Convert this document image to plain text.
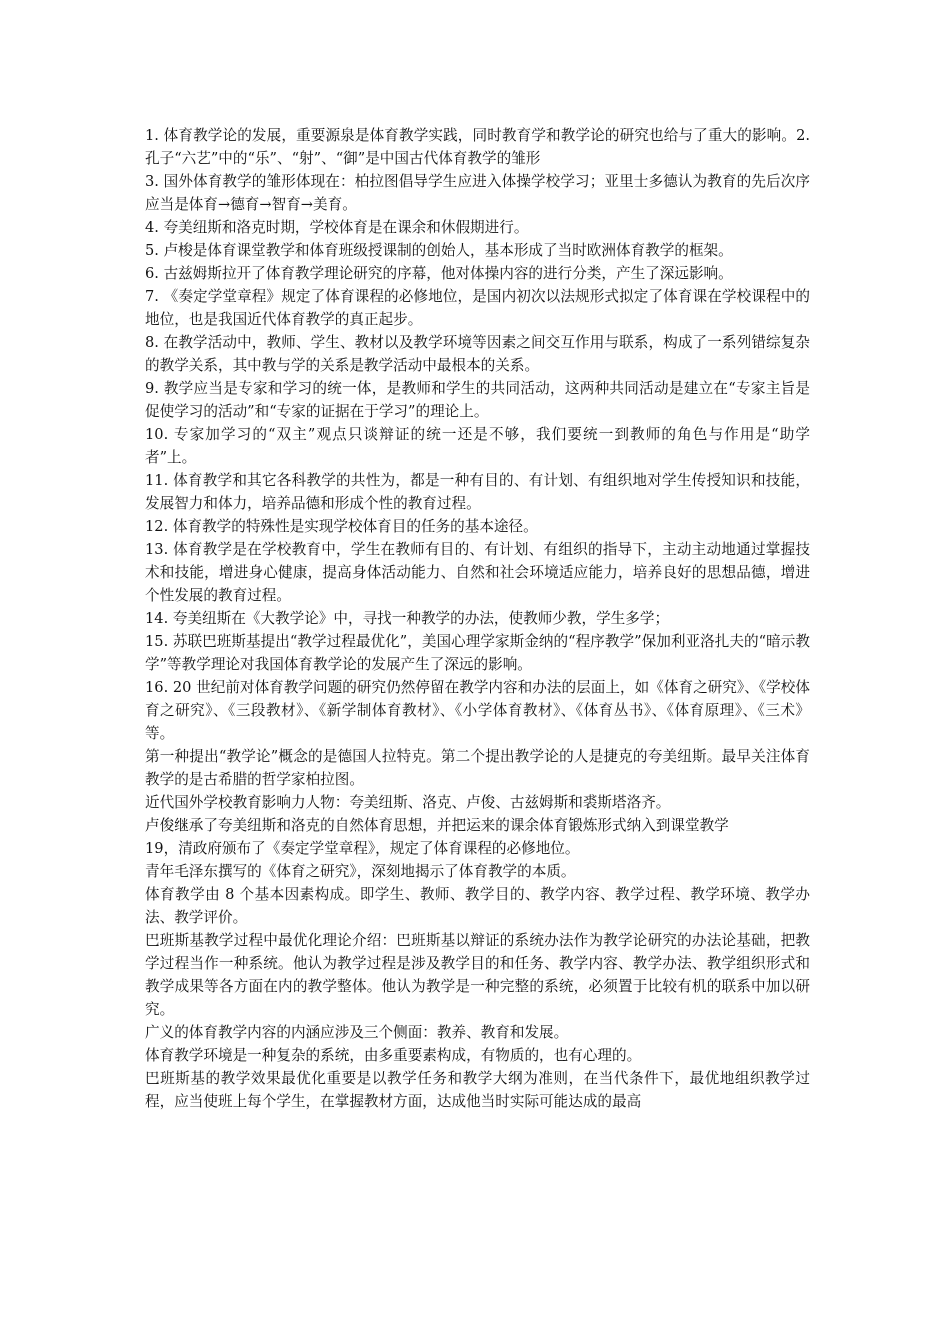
1. 体育教学论的发展，重要源泉是体育教学实践，同时教育学和教学论的研究也给与了重大的影响。2. 孔子“六艺”中的“乐”、“射”、“御”是中国古代体育教学的雏形

3. 国外体育教学的雏形体现在：柏拉图倡导学生应进入体操学校学习；亚里士多德认为教育的先后次序应当是体育→德育→智育→美育。

4. 夸美纽斯和洛克时期，学校体育是在课余和休假期进行。

5. 卢梭是体育课堂教学和体育班级授课制的创始人，基本形成了当时欧洲体育教学的框架。

6. 古兹姆斯拉开了体育教学理论研究的序幕，他对体操内容的进行分类，产生了深远影响。

7. 《奏定学堂章程》规定了体育课程的必修地位，是国内初次以法规形式拟定了体育课在学校课程中的地位，也是我国近代体育教学的真正起步。

8. 在教学活动中，教师、学生、教材以及教学环境等因素之间交互作用与联系，构成了一系列错综复杂的教学关系，其中教与学的关系是教学活动中最根本的关系。

9. 教学应当是专家和学习的统一体，是教师和学生的共同活动，这两种共同活动是建立在“专家主旨是促使学习的活动”和“专家的证据在于学习”的理论上。

10. 专家加学习的“双主”观点只谈辩证的统一还是不够，我们要统一到教师的角色与作用是“助学者”上。

11. 体育教学和其它各科教学的共性为，都是一种有目的、有计划、有组织地对学生传授知识和技能，发展智力和体力，培养品德和形成个性的教育过程。

12. 体育教学的特殊性是实现学校体育目的任务的基本途径。

13. 体育教学是在学校教育中，学生在教师有目的、有计划、有组织的指导下，主动主动地通过掌握技术和技能，增进身心健康，提高身体活动能力、自然和社会环境适应能力，培养良好的思想品德，增进个性发展的教育过程。

14. 夸美纽斯在《大教学论》中，寻找一种教学的办法，使教师少教，学生多学；

15. 苏联巴班斯基提出“教学过程最优化”，美国心理学家斯金纳的“程序教学”保加利亚洛扎夫的“暗示教学”等教学理论对我国体育教学论的发展产生了深远的影响。

16. 20 世纪前对体育教学问题的研究仍然停留在教学内容和办法的层面上，如《体育之研究》、《学校体育之研究》、《三段教材》、《新学制体育教材》、《小学体育教材》、《体育丛书》、《体育原理》、《三术》等。

第一种提出“教学论”概念的是德国人拉特克。第二个提出教学论的人是捷克的夸美纽斯。最早关注体育教学的是古希腊的哲学家柏拉图。

近代国外学校教育影响力人物：夸美纽斯、洛克、卢俊、古兹姆斯和裘斯塔洛齐。

卢俊继承了夸美纽斯和洛克的自然体育思想，并把运来的课余体育锻炼形式纳入到课堂教学

19，清政府颁布了《奏定学堂章程》，规定了体育课程的必修地位。

青年毛泽东撰写的《体育之研究》，深刻地揭示了体育教学的本质。

体育教学由 8 个基本因素构成。即学生、教师、教学目的、教学内容、教学过程、教学环境、教学办法、教学评价。

巴班斯基教学过程中最优化理论介绍：巴班斯基以辩证的系统办法作为教学论研究的办法论基础，把教学过程当作一种系统。他认为教学过程是涉及教学目的和任务、教学内容、教学办法、教学组织形式和教学成果等各方面在内的教学整体。他认为教学是一种完整的系统，必须置于比较有机的联系中加以研究。

广义的体育教学内容的内涵应涉及三个侧面：教养、教育和发展。

体育教学环境是一种复杂的系统，由多重要素构成，有物质的，也有心理的。

巴班斯基的教学效果最优化重要是以教学任务和教学大纲为准则，在当代条件下，最优地组织教学过程，应当使班上每个学生，在掌握教材方面，达成他当时实际可能达成的最高
